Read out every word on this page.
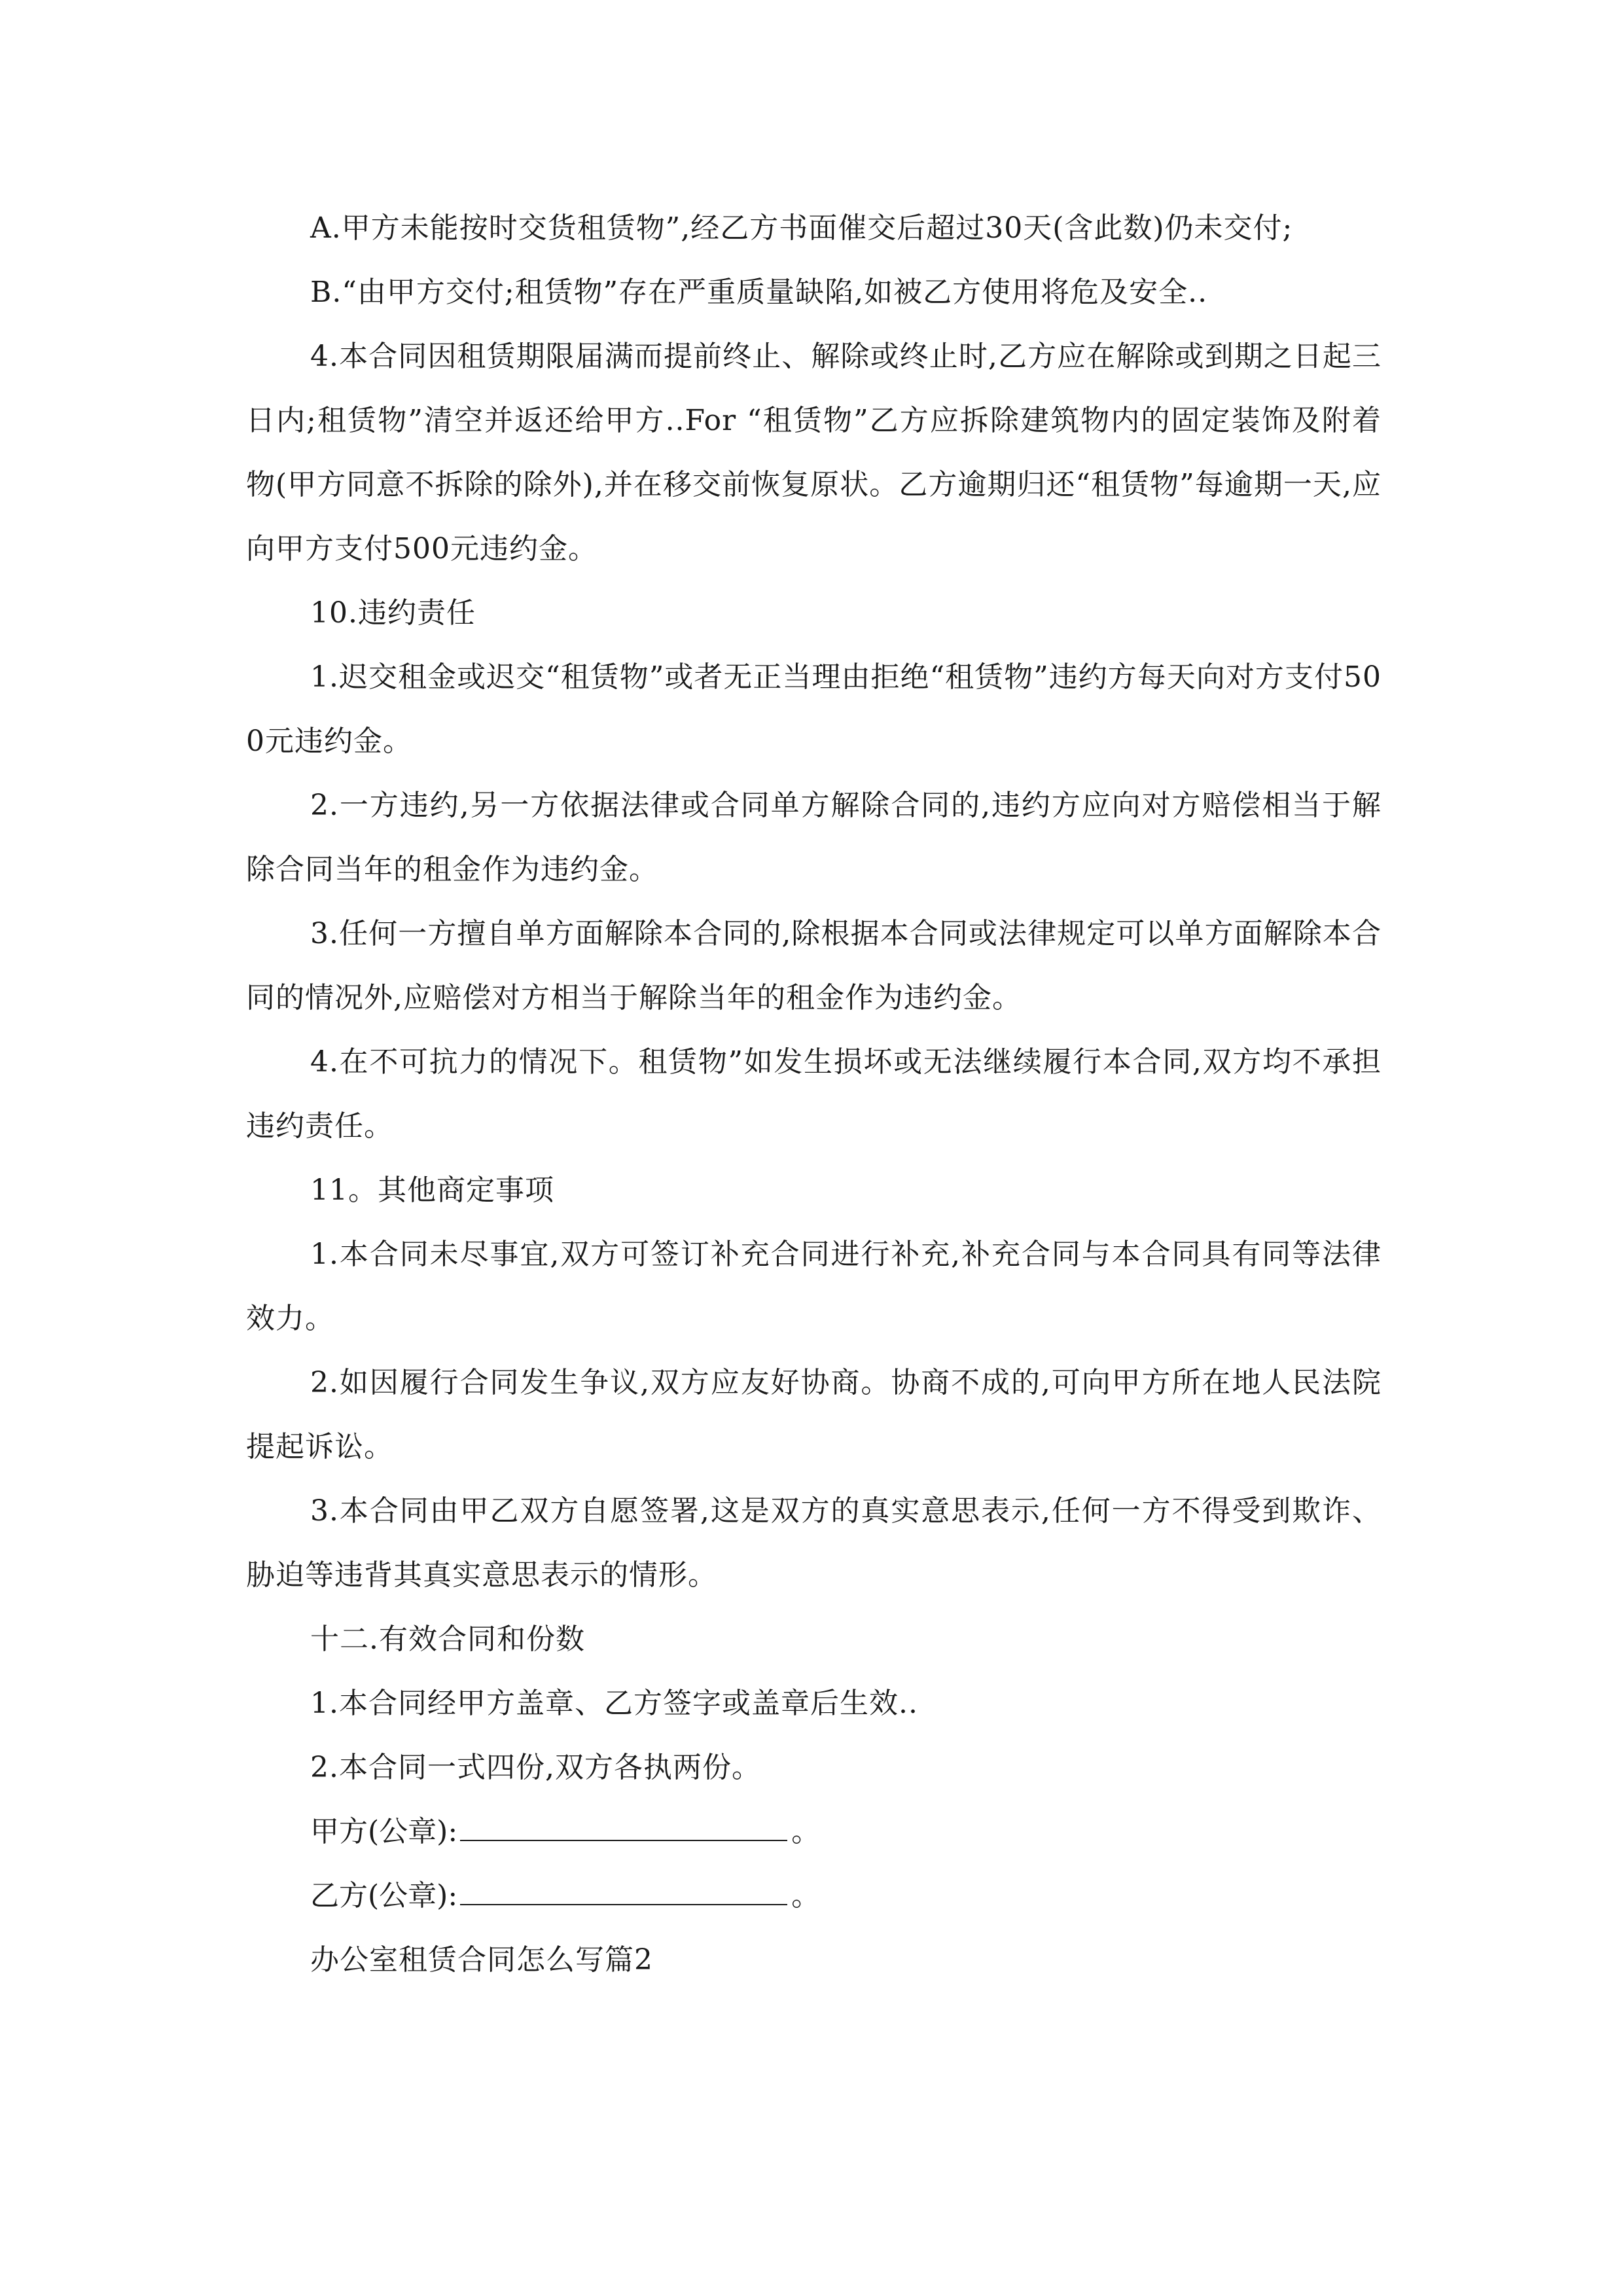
A.甲方未能按时交货租赁物”,经乙方书面催交后超过30天(含此数)仍未交付;

B.“由甲方交付;租赁物”存在严重质量缺陷,如被乙方使用将危及安全..

4.本合同因租赁期限届满而提前终止、解除或终止时,乙方应在解除或到期之日起三日内;租赁物”清空并返还给甲方..For “租赁物”乙方应拆除建筑物内的固定装饰及附着物(甲方同意不拆除的除外),并在移交前恢复原状。乙方逾期归还“租赁物”每逾期一天,应向甲方支付500元违约金。

10.违约责任

1.迟交租金或迟交“租赁物”或者无正当理由拒绝“租赁物”违约方每天向对方支付500元违约金。

2.一方违约,另一方依据法律或合同单方解除合同的,违约方应向对方赔偿相当于解除合同当年的租金作为违约金。

3.任何一方擅自单方面解除本合同的,除根据本合同或法律规定可以单方面解除本合同的情况外,应赔偿对方相当于解除当年的租金作为违约金。

4.在不可抗力的情况下。租赁物”如发生损坏或无法继续履行本合同,双方均不承担违约责任。

11。其他商定事项

1.本合同未尽事宜,双方可签订补充合同进行补充,补充合同与本合同具有同等法律效力。

2.如因履行合同发生争议,双方应友好协商。协商不成的,可向甲方所在地人民法院提起诉讼。

3.本合同由甲乙双方自愿签署,这是双方的真实意思表示,任何一方不得受到欺诈、胁迫等违背其真实意思表示的情形。

十二.有效合同和份数

1.本合同经甲方盖章、乙方签字或盖章后生效..

2.本合同一式四份,双方各执两份。

甲方(公章):	。
乙方(公章):	。

办公室租赁合同怎么写篇2
